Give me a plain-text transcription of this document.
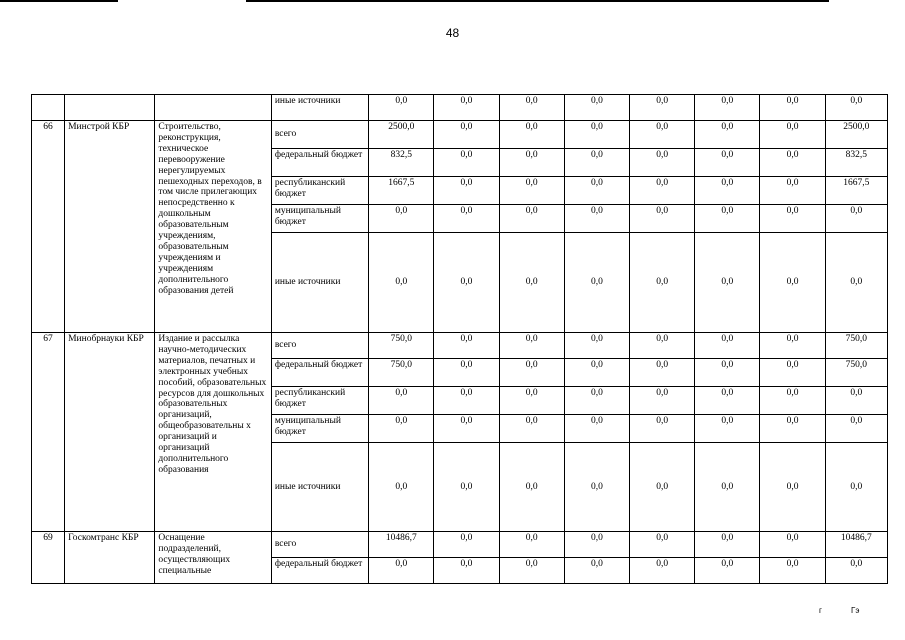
48
			иные источники	0,0	0,0	0,0	0,0	0,0	0,0	0,0	0,0
66	Минстрой КБР	Строительство, реконструкция, техническое перевооружение нерегулируемых пешеходных переходов, в том числе прилегающих непосредственно к дошкольным образовательным учреждениям, образовательным учреждениям и учреждениям дополнительного образования детей	всего	2500,0	0,0	0,0	0,0	0,0	0,0	0,0	2500,0
			федеральный бюджет	832,5	0,0	0,0	0,0	0,0	0,0	0,0	832,5
			республиканский бюджет	1667,5	0,0	0,0	0,0	0,0	0,0	0,0	1667,5
			муниципальный бюджет	0,0	0,0	0,0	0,0	0,0	0,0	0,0	0,0
			иные источники	0,0	0,0	0,0	0,0	0,0	0,0	0,0	0,0
67	Минобрнауки КБР	Издание и рассылка научно-методических материалов, печатных и электронных учебных пособий, образовательных ресурсов для дошкольных образовательных организаций, общеобразовательны х организаций и организаций дополнительного образования	всего	750,0	0,0	0,0	0,0	0,0	0,0	0,0	750,0
			федеральный бюджет	750,0	0,0	0,0	0,0	0,0	0,0	0,0	750,0
			республиканский бюджет	0,0	0,0	0,0	0,0	0,0	0,0	0,0	0,0
			муниципальный бюджет	0,0	0,0	0,0	0,0	0,0	0,0	0,0	0,0
			иные источники	0,0	0,0	0,0	0,0	0,0	0,0	0,0	0,0
69	Госкомтранс КБР	Оснащение подразделений, осуществляющих специальные	всего	10486,7	0,0	0,0	0,0	0,0	0,0	0,0	10486,7
			федеральный бюджет	0,0	0,0	0,0	0,0	0,0	0,0	0,0	0,0
г	Гэ
